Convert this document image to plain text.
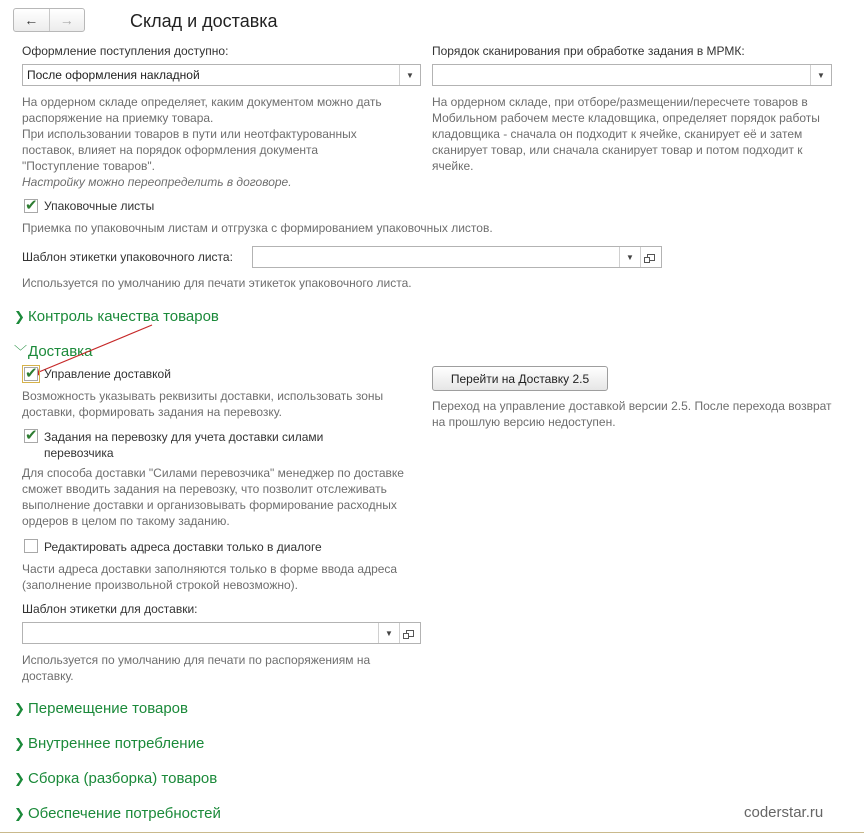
← →	Склад и доставка
Оформление поступления доступно:
После оформления накладной	▼
На ордерном складе определяет, каким документом можно дать распоряжение на приемку товара.
При использовании товаров в пути или неотфактурованных поставок, влияет на порядок оформления документа "Поступление товаров".
Настройку можно переопределить в договоре.
Порядок сканирования при обработке задания в МРМК:
▼
На ордерном складе, при отборе/размещении/пересчете товаров в Мобильном рабочем месте кладовщика, определяет порядок работы кладовщика - сначала он подходит к ячейке, сканирует её и затем сканирует товар, или сначала сканирует товар и потом подходит к ячейке.
✔
Упаковочные листы
Приемка по упаковочным листам и отгрузка с формированием упаковочных листов.
Шаблон этикетки упаковочного листа:	▼
Используется по умолчанию для печати этикеток упаковочного листа.
❯ Контроль качества товаров
﹀Доставка
✔
Управление доставкой
Возможность указывать реквизиты доставки, использовать зоны доставки, формировать задания на перевозку.
Перейти на Доставку 2.5
Переход на управление доставкой версии 2.5. После перехода возврат на прошлую версию недоступен.
✔
Задания на перевозку для учета доставки силами
перевозчика
Для способа доставки "Силами перевозчика" менеджер по доставке сможет вводить задания на перевозку, что позволит отслеживать выполнение доставки и организовывать формирование расходных ордеров в целом по такому заданию.
Редактировать адреса доставки только в диалоге
Части адреса доставки заполняются только в форме ввода адреса (заполнение произвольной строкой невозможно).
Шаблон этикетки для доставки:
▼
Используется по умолчанию для печати по распоряжениям на доставку.
❯ Перемещение товаров
❯ Внутреннее потребление
❯ Сборка (разборка) товаров
❯ Обеспечение потребностей	coderstar.ru
